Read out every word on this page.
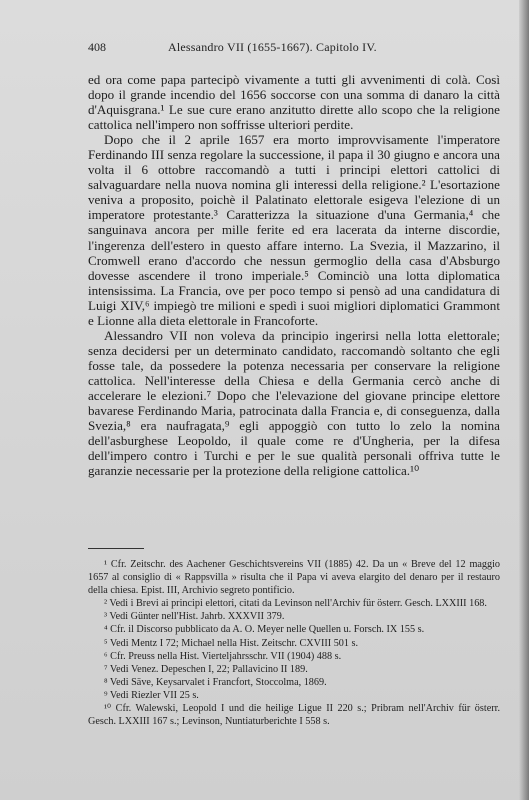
408	Alessandro VII (1655-1667). Capitolo IV.

ed ora come papa partecipò vivamente a tutti gli avvenimenti di colà. Così dopo il grande incendio del 1656 soccorse con una somma di danaro la città d'Aquisgrana.¹ Le sue cure erano anzitutto dirette allo scopo che la religione cattolica nell'impero non soffrisse ulteriori perdite.

Dopo che il 2 aprile 1657 era morto improvvisamente l'imperatore Ferdinando III senza regolare la successione, il papa il 30 giugno e ancora una volta il 6 ottobre raccomandò a tutti i principi elettori cattolici di salvaguardare nella nuova nomina gli interessi della religione.² L'esortazione veniva a proposito, poichè il Palatinato elettorale esigeva l'elezione di un imperatore protestante.³ Caratterizza la situazione d'una Germania,⁴ che sanguinava ancora per mille ferite ed era lacerata da interne discordie, l'ingerenza dell'estero in questo affare interno. La Svezia, il Mazzarino, il Cromwell erano d'accordo che nessun germoglio della casa d'Absburgo dovesse ascendere il trono imperiale.⁵ Cominciò una lotta diplomatica intensissima. La Francia, ove per poco tempo si pensò ad una candidatura di Luigi XIV,⁶ impiegò tre milioni e spedì i suoi migliori diplomatici Grammont e Lionne alla dieta elettorale in Francoforte.

Alessandro VII non voleva da principio ingerirsi nella lotta elettorale; senza decidersi per un determinato candidato, raccomandò soltanto che egli fosse tale, da possedere la potenza necessaria per conservare la religione cattolica. Nell'interesse della Chiesa e della Germania cercò anche di accelerare le elezioni.⁷ Dopo che l'elevazione del giovane principe elettore bavarese Ferdinando Maria, patrocinata dalla Francia e, di conseguenza, dalla Svezia,⁸ era naufragata,⁹ egli appoggiò con tutto lo zelo la nomina dell'asburghese Leopoldo, il quale come re d'Ungheria, per la difesa dell'impero contro i Turchi e per le sue qualità personali offriva tutte le garanzie necessarie per la protezione della religione cattolica.¹⁰

¹ Cfr. Zeitschr. des Aachener Geschichtsvereins VII (1885) 42. Da un « Breve del 12 maggio 1657 al consiglio di « Rappsvilla » risulta che il Papa vi aveva elargito del denaro per il restauro della chiesa. Epist. III, Archivio segreto pontificio.

² Vedi i Brevi ai principi elettori, citati da Levinson nell'Archiv für österr. Gesch. LXXIII 168.

³ Vedi Günter nell'Hist. Jahrb. XXXVII 379.

⁴ Cfr. il Discorso pubblicato da A. O. Meyer nelle Quellen u. Forsch. IX 155 s.

⁵ Vedi Mentz I 72; Michael nella Hist. Zeitschr. CXVIII 501 s.

⁶ Cfr. Preuss nella Hist. Vierteljahrsschr. VII (1904) 488 s.

⁷ Vedi Venez. Depeschen I, 22; Pallavicino II 189.

⁸ Vedi Säve, Keysarvalet i Francfort, Stoccolma, 1869.

⁹ Vedi Riezler VII 25 s.

¹⁰ Cfr. Walewski, Leopold I und die heilige Ligue II 220 s.; Pribram nell'Archiv für österr. Gesch. LXXIII 167 s.; Levinson, Nuntiaturberichte I 558 s.
